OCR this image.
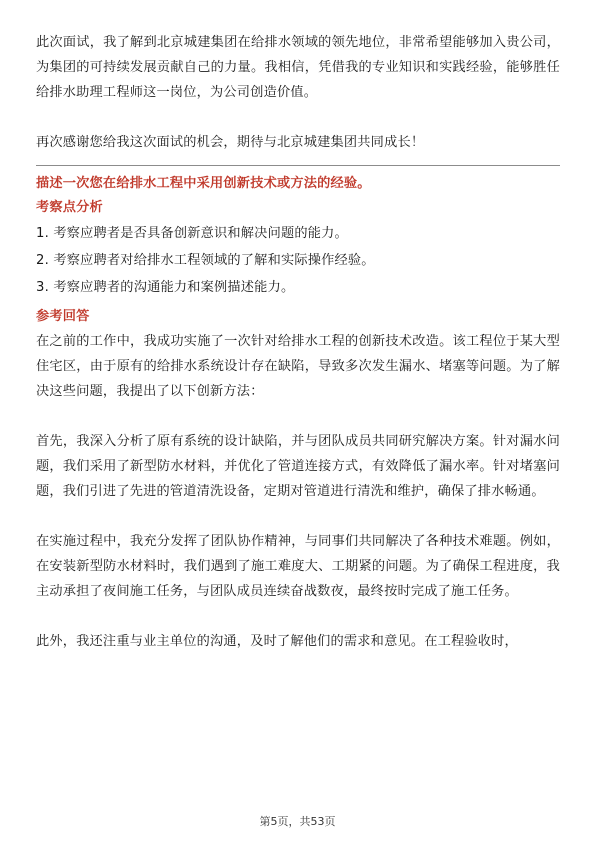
此次面试，我了解到北京城建集团在给排水领域的领先地位，非常希望能够加入贵公司，为集团的可持续发展贡献自己的力量。我相信，凭借我的专业知识和实践经验，能够胜任给排水助理工程师这一岗位，为公司创造价值。

再次感谢您给我这次面试的机会，期待与北京城建集团共同成长！

描述一次您在给排水工程中采用创新技术或方法的经验。

考察点分析

1. 考察应聘者是否具备创新意识和解决问题的能力。

2. 考察应聘者对给排水工程领域的了解和实际操作经验。

3. 考察应聘者的沟通能力和案例描述能力。

参考回答

在之前的工作中，我成功实施了一次针对给排水工程的创新技术改造。该工程位于某大型住宅区，由于原有的给排水系统设计存在缺陷，导致多次发生漏水、堵塞等问题。为了解决这些问题，我提出了以下创新方法：

首先，我深入分析了原有系统的设计缺陷，并与团队成员共同研究解决方案。针对漏水问题，我们采用了新型防水材料，并优化了管道连接方式，有效降低了漏水率。针对堵塞问题，我们引进了先进的管道清洗设备，定期对管道进行清洗和维护，确保了排水畅通。

在实施过程中，我充分发挥了团队协作精神，与同事们共同解决了各种技术难题。例如，在安装新型防水材料时，我们遇到了施工难度大、工期紧的问题。为了确保工程进度，我主动承担了夜间施工任务，与团队成员连续奋战数夜，最终按时完成了施工任务。

此外，我还注重与业主单位的沟通，及时了解他们的需求和意见。在工程验收时，

第5页，共53页
